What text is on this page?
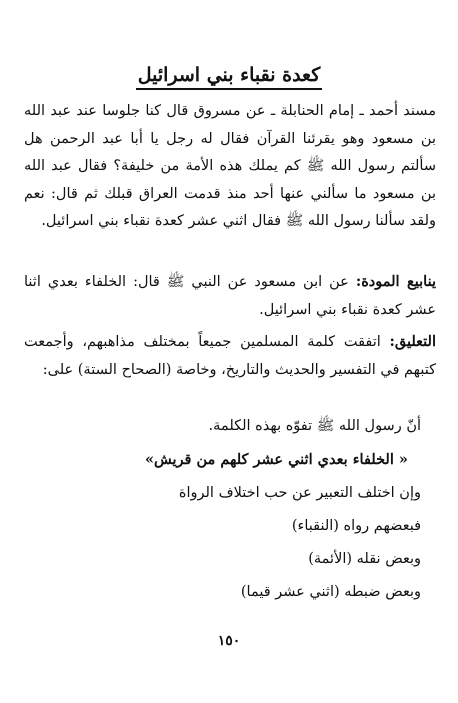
كعدة نقباء بني اسرائيل
مسند أحمد ـ إمام الحنابلة ـ عن مسروق قال كنا جلوسا عند عبد الله بن مسعود وهو يقرئنا القرآن فقال له رجل يا أبا عبد الرحمن هل سألتم رسول الله ﷺ كم يملك هذه الأمة من خليفة؟ فقال عبد الله بن مسعود ما سألني عنها أحد منذ قدمت العراق قبلك ثم قال: نعم ولقد سألنا رسول الله ﷺ فقال اثني عشر كعدة نقباء بني اسرائيل.
ينابيع المودة: عن ابن مسعود عن النبي ﷺ قال: الخلفاء بعدي اثنا عشر كعدة نقباء بني اسرائيل.
التعليق: اتفقت كلمة المسلمين جميعاً بمختلف مذاهبهم، وأجمعت كتبهم في التفسير والحديث والتاريخ، وخاصة (الصحاح الستة) على:
أنّ رسول الله ﷺ تفوّه بهذه الكلمة.
« الخلفاء بعدي اثني عشر كلهم من قريش»
وإن اختلف التعبير عن حب اختلاف الرواة
فبعضهم رواه (النقباء)
وبعض نقله (الأئمة)
وبعض ضبطه (اثني عشر قيما)
١٥٠
